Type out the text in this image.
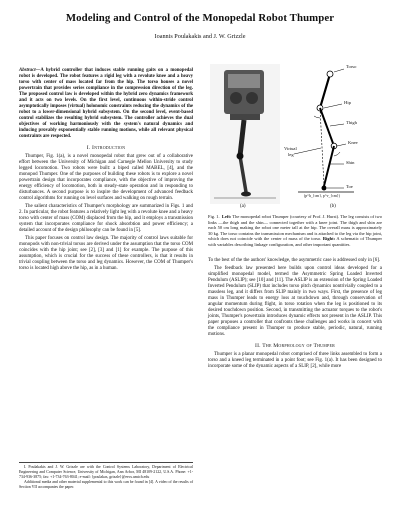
Modeling and Control of the Monopedal Robot Thumper
Ioannis Poulakakis and J. W. Grizzle
Abstract—A hybrid controller that induces stable running gaits on a monopedal robot is developed. The robot features a rigid leg with a revolute knee and a heavy torso with center of mass located far from the hip. The torso houses a novel powertrain that provides series compliance in the compression direction of the leg. The proposed control law is developed within the hybrid zero dynamics framework and it acts on two levels. On the first level, continuous within-stride control asymptotically imposes (virtual) holonomic constraints reducing the dynamics of the robot to a lower-dimensional hybrid subsystem. On the second level, event-based control stabilizes the resulting hybrid subsystem. The controller achieves the dual objectives of working harmoniously with the system's natural dynamics and inducing provably exponentially stable running motions, while all relevant physical constraints are respected.
I. Introduction

Thumper, Fig. 1(a), is a novel monopedal robot that grew out of a collaborative effort between the University of Michigan and Carnegie Mellon University to study legged locomotion. Two robots were built: a biped called MABEL, [4], and the monopod Thumper. One of the purposes of building these robots is to explore a novel powertrain design that incorporates compliance, with the objective of improving the energy efficiency of locomotion, both in steady-state operation and in responding to disturbances. A second purpose is to inspire the development of advanced feedback control algorithms for running on level surfaces and walking on rough terrain.

The salient characteristics of Thumper's morphology are summarized in Figs. 1 and 2. In particular, the robot features a relatively light leg with a revolute knee and a heavy torso with center of mass (COM) displaced from the hip, and it employs a transmission system that incorporates compliance for shock absorbtion and power efficiency; a detailed account of the design philosophy can be found in [5].

This paper focuses on control law design. The majority of control laws suitable for monopods with non-trivial torsos are derived under the assumption that the torso COM coincides with the hip joint; see [2], [3] and [1] for example. The purpose of this assumption, which is crucial for the success of these controllers, is that it results in trivial coupling between the torso and leg dynamics. However, the COM of Thumper's torso is located high above the hip, as in a human.

I. Poulakakis and J. W. Grizzle are with the Control Systems Laboratory, Department of Electrical Engineering and Computer Science, University of Michigan, Ann Arbor, MI 48109-2122, U.S.A. Phone: +1-734-936-3875; fax: +1-734-763-8041; e-mail: {poulakas, grizzle}@eecs.umich.edu
Additional media and other material supplemental to this work can be found in [4]. A video of the results of Section VII accompanies the paper.
(a)
Torso
Hip
Thigh
Knee
Virtual
leg
Shin
Toe
(p^h_{cm}, p^v_{cm})
(b)
Fig. 1. Left: The monopedal robot Thumper (courtesy of Prof. J. Hurst). The leg consists of two links —the thigh and the shin— connected together with a knee joint. The thigh and shin are each 50 cm long making the robot one meter tall at the hip. The overall mass is approximately 30 kg. The torso contains the transmission mechanism and is attached to the leg via the hip joint, which does not coincide with the center of mass of the torso. Right: A schematic of Thumper with variables describing linkage configuration, and other important quantities.

To the best of the the authors' knowledge, the asymmetric case is addressed only in [6].

The feedback law presented here builds upon control ideas developed for a simplified monopedal model, termed the Asymmetric Spring Loaded Inverted Pendulum (ASLIP); see [10] and [11]. The ASLIP is an extension of the Spring Loaded Inverted Pendulum (SLIP) that includes torso pitch dynamics nontrivially coupled to a massless leg, and it differs from SLIP mainly in two ways. First, the presence of leg mass in Thumper leads to energy loss at touchdown and, through conservation of angular momentum during flight, in torso rotation when the leg is positioned to its desired touchdown position. Second, in transmitting the actuator torques to the robot's joints, Thumper's powertrain introduces dynamic effects not present in the ASLIP. This paper proposes a controller that confronts these challenges and works in concert with the compliance present in Thumper to produce stable, periodic, natural, running motions.

II. The Morphology of Thumper

Thumper is a planar monopedal robot comprised of three links assembled to form a torso and a kneed leg terminated in a point foot; see Fig. 1(a). It has been designed to incorporate some of the dynamic aspects of a SLIP, [2], while more
